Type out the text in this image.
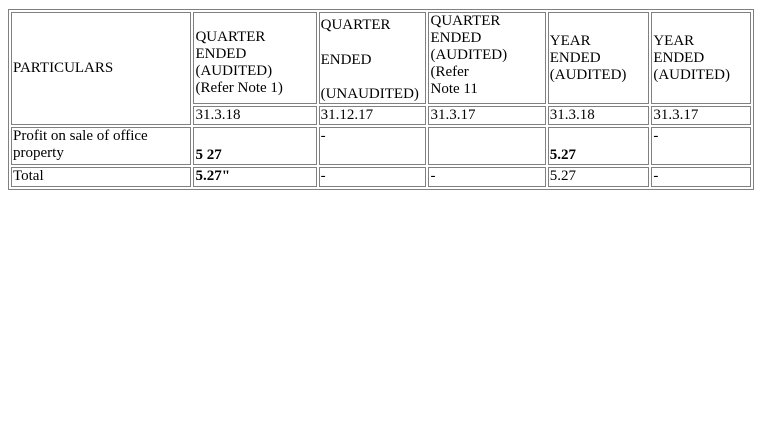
PARTICULARS	QUARTER
ENDED
(AUDITED)
(Refer Note 1)	QUARTER
ENDED
(UNAUDITED)	QUARTER
ENDED
(AUDITED)
(Refer
Note 11	YEAR
ENDED
(AUDITED)	YEAR
ENDED
(AUDITED)

	31.3.18	31.12.17	31.3.17	31.3.18	31.3.17
Profit on sale of office property	5 27	-		5.27	-
Total	5.27"	-	-	5.27	-
